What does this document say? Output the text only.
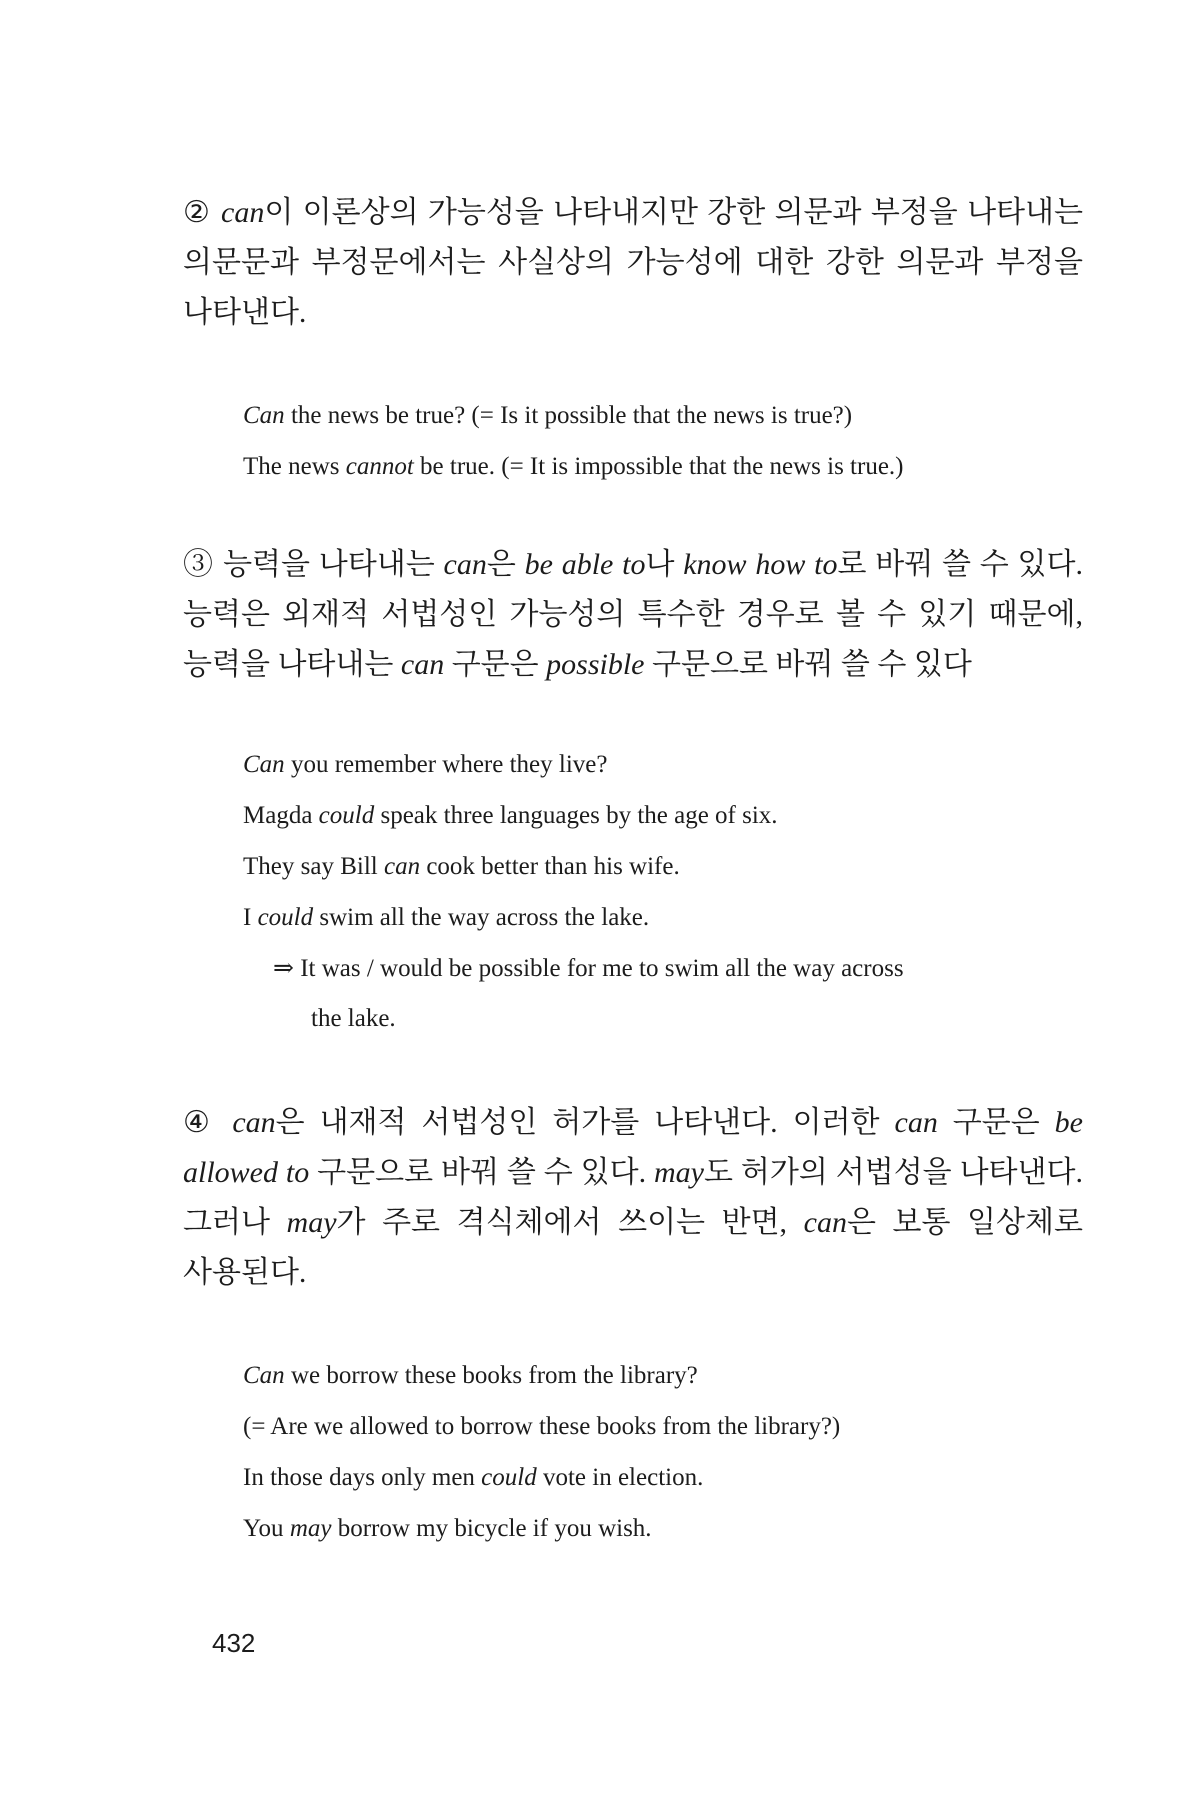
② can이 이론상의 가능성을 나타내지만 강한 의문과 부정을 나타내는 의문문과 부정문에서는 사실상의 가능성에 대한 강한 의문과 부정을 나타낸다.
Can the news be true? (= Is it possible that the news is true?)
The news cannot be true. (= It is impossible that the news is true.)
③ 능력을 나타내는 can은 be able to나 know how to로 바꿔 쓸 수 있다. 능력은 외재적 서법성인 가능성의 특수한 경우로 볼 수 있기 때문에, 능력을 나타내는 can 구문은 possible 구문으로 바꿔 쓸 수 있다
Can you remember where they live?
Magda could speak three languages by the age of six.
They say Bill can cook better than his wife.
I could swim all the way across the lake.
⇒ It was / would be possible for me to swim all the way across
the lake.
④ can은 내재적 서법성인 허가를 나타낸다. 이러한 can 구문은 be allowed to 구문으로 바꿔 쓸 수 있다. may도 허가의 서법성을 나타낸다. 그러나 may가 주로 격식체에서 쓰이는 반면, can은 보통 일상체로 사용된다.
Can we borrow these books from the library?
(= Are we allowed to borrow these books from the library?)
In those days only men could vote in election.
You may borrow my bicycle if you wish.
432
